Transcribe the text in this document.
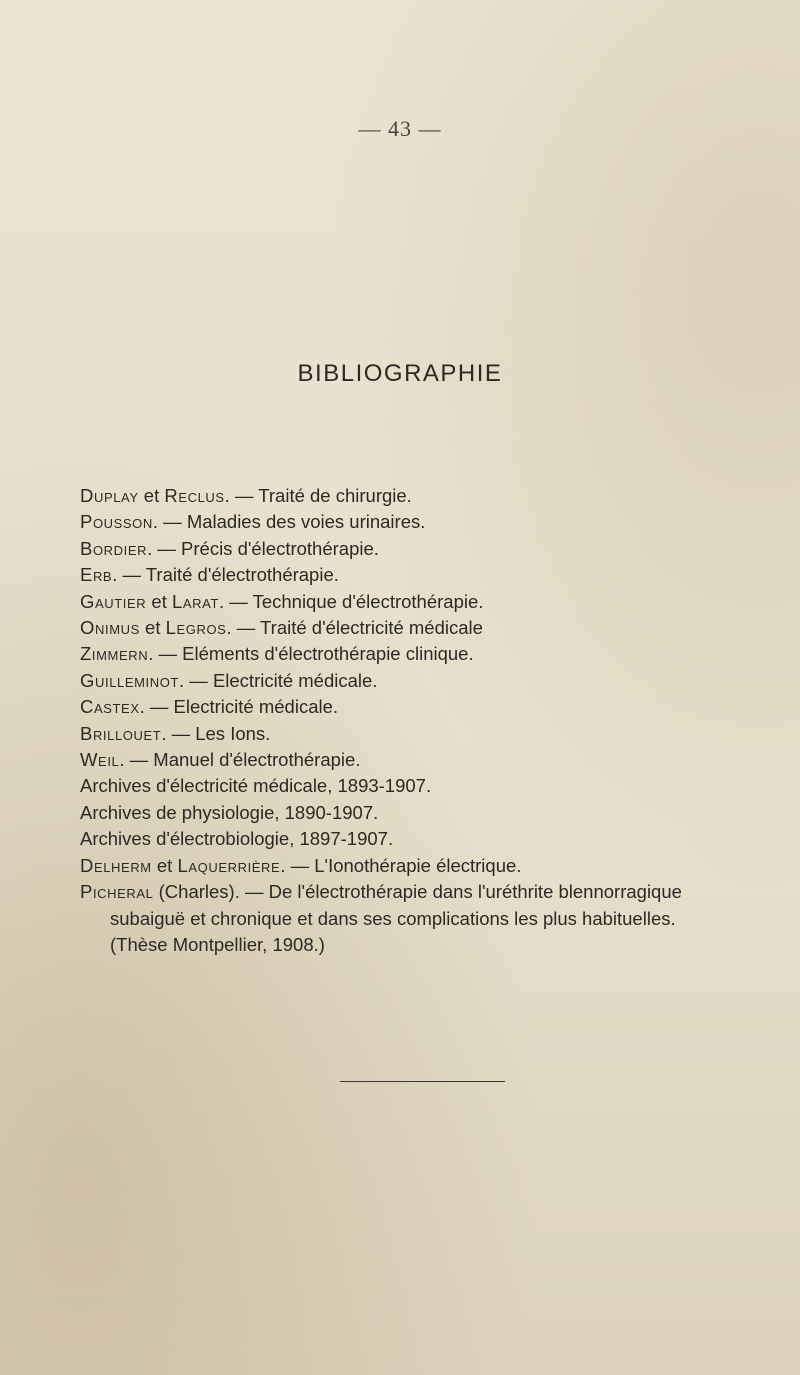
— 43 —
BIBLIOGRAPHIE
Duplay et Reclus. — Traité de chirurgie.
Pousson. — Maladies des voies urinaires.
Bordier. — Précis d'électrothérapie.
Erb. — Traité d'électrothérapie.
Gautier et Larat. — Technique d'électrothérapie.
Onimus et Legros. — Traité d'électricité médicale
Zimmern. — Eléments d'électrothérapie clinique.
Guilleminot. — Electricité médicale.
Castex. — Electricité médicale.
Brillouet. — Les Ions.
Weil. — Manuel d'électrothérapie.
Archives d'électricité médicale, 1893-1907.
Archives de physiologie, 1890-1907.
Archives d'électrobiologie, 1897-1907.
Delherm et Laquerrière. — L'Ionothérapie électrique.
Picheral (Charles). — De l'électrothérapie dans l'uréthrite blennorragique subaiguë et chronique et dans ses complications les plus habituelles. (Thèse Montpellier, 1908.)
